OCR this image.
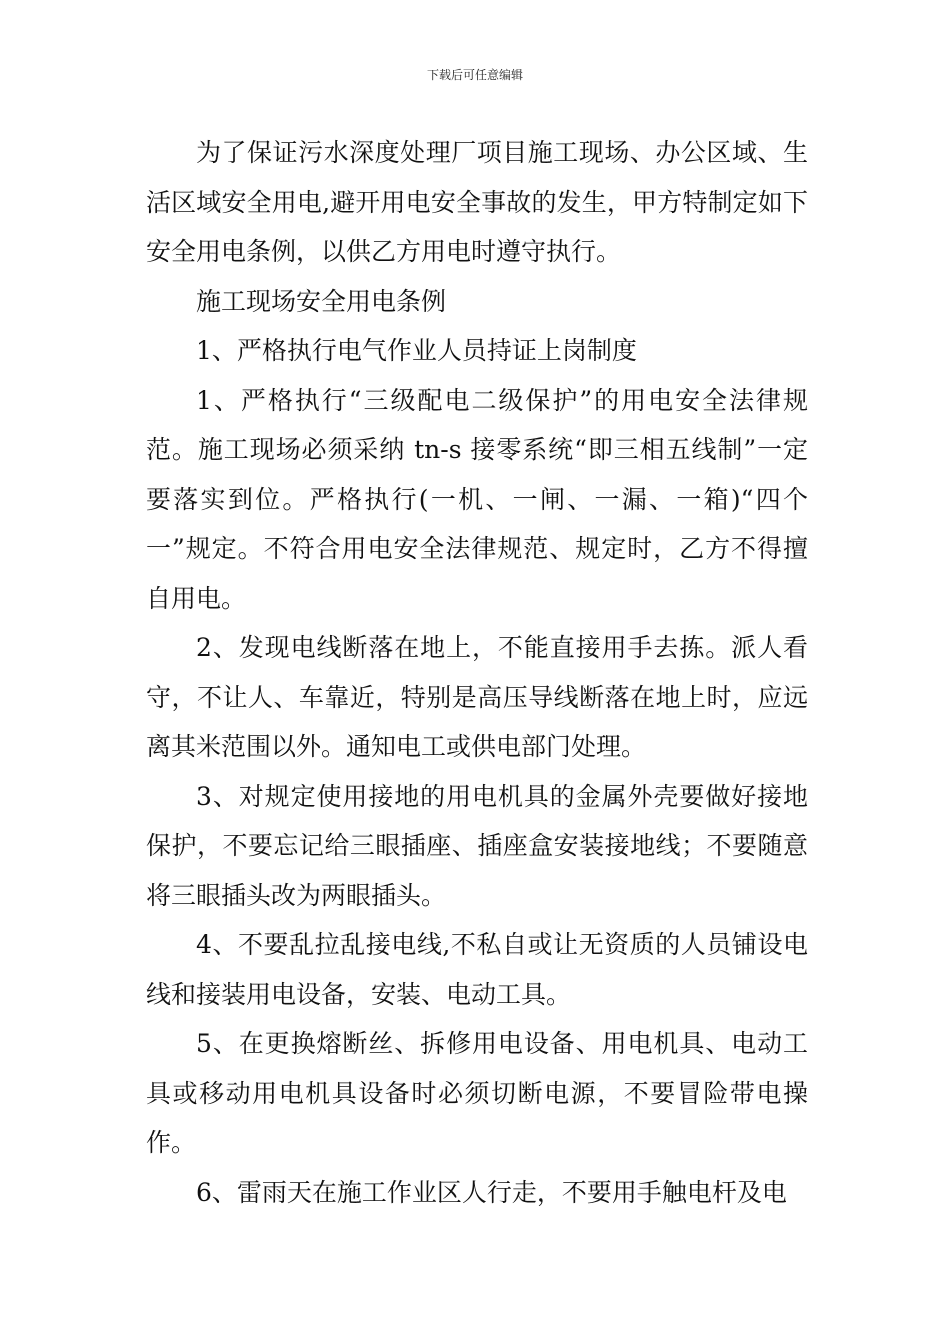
下载后可任意编辑

为了保证污水深度处理厂项目施工现场、办公区域、生活区域安全用电,避开用电安全事故的发生，甲方特制定如下安全用电条例，以供乙方用电时遵守执行。

施工现场安全用电条例

1、严格执行电气作业人员持证上岗制度

1、严格执行“三级配电二级保护”的用电安全法律规范。施工现场必须采纳 tn-s 接零系统“即三相五线制”一定要落实到位。严格执行(一机、一闸、一漏、一箱)“四个一”规定。不符合用电安全法律规范、规定时，乙方不得擅自用电。

2、发现电线断落在地上，不能直接用手去拣。派人看守，不让人、车靠近，特别是高压导线断落在地上时，应远离其米范围以外。通知电工或供电部门处理。

3、对规定使用接地的用电机具的金属外壳要做好接地保护，不要忘记给三眼插座、插座盒安装接地线；不要随意将三眼插头改为两眼插头。

4、不要乱拉乱接电线,不私自或让无资质的人员铺设电线和接装用电设备，安装、电动工具。

5、在更换熔断丝、拆修用电设备、用电机具、电动工具或移动用电机具设备时必须切断电源，不要冒险带电操作。

6、雷雨天在施工作业区人行走，不要用手触电杆及电
